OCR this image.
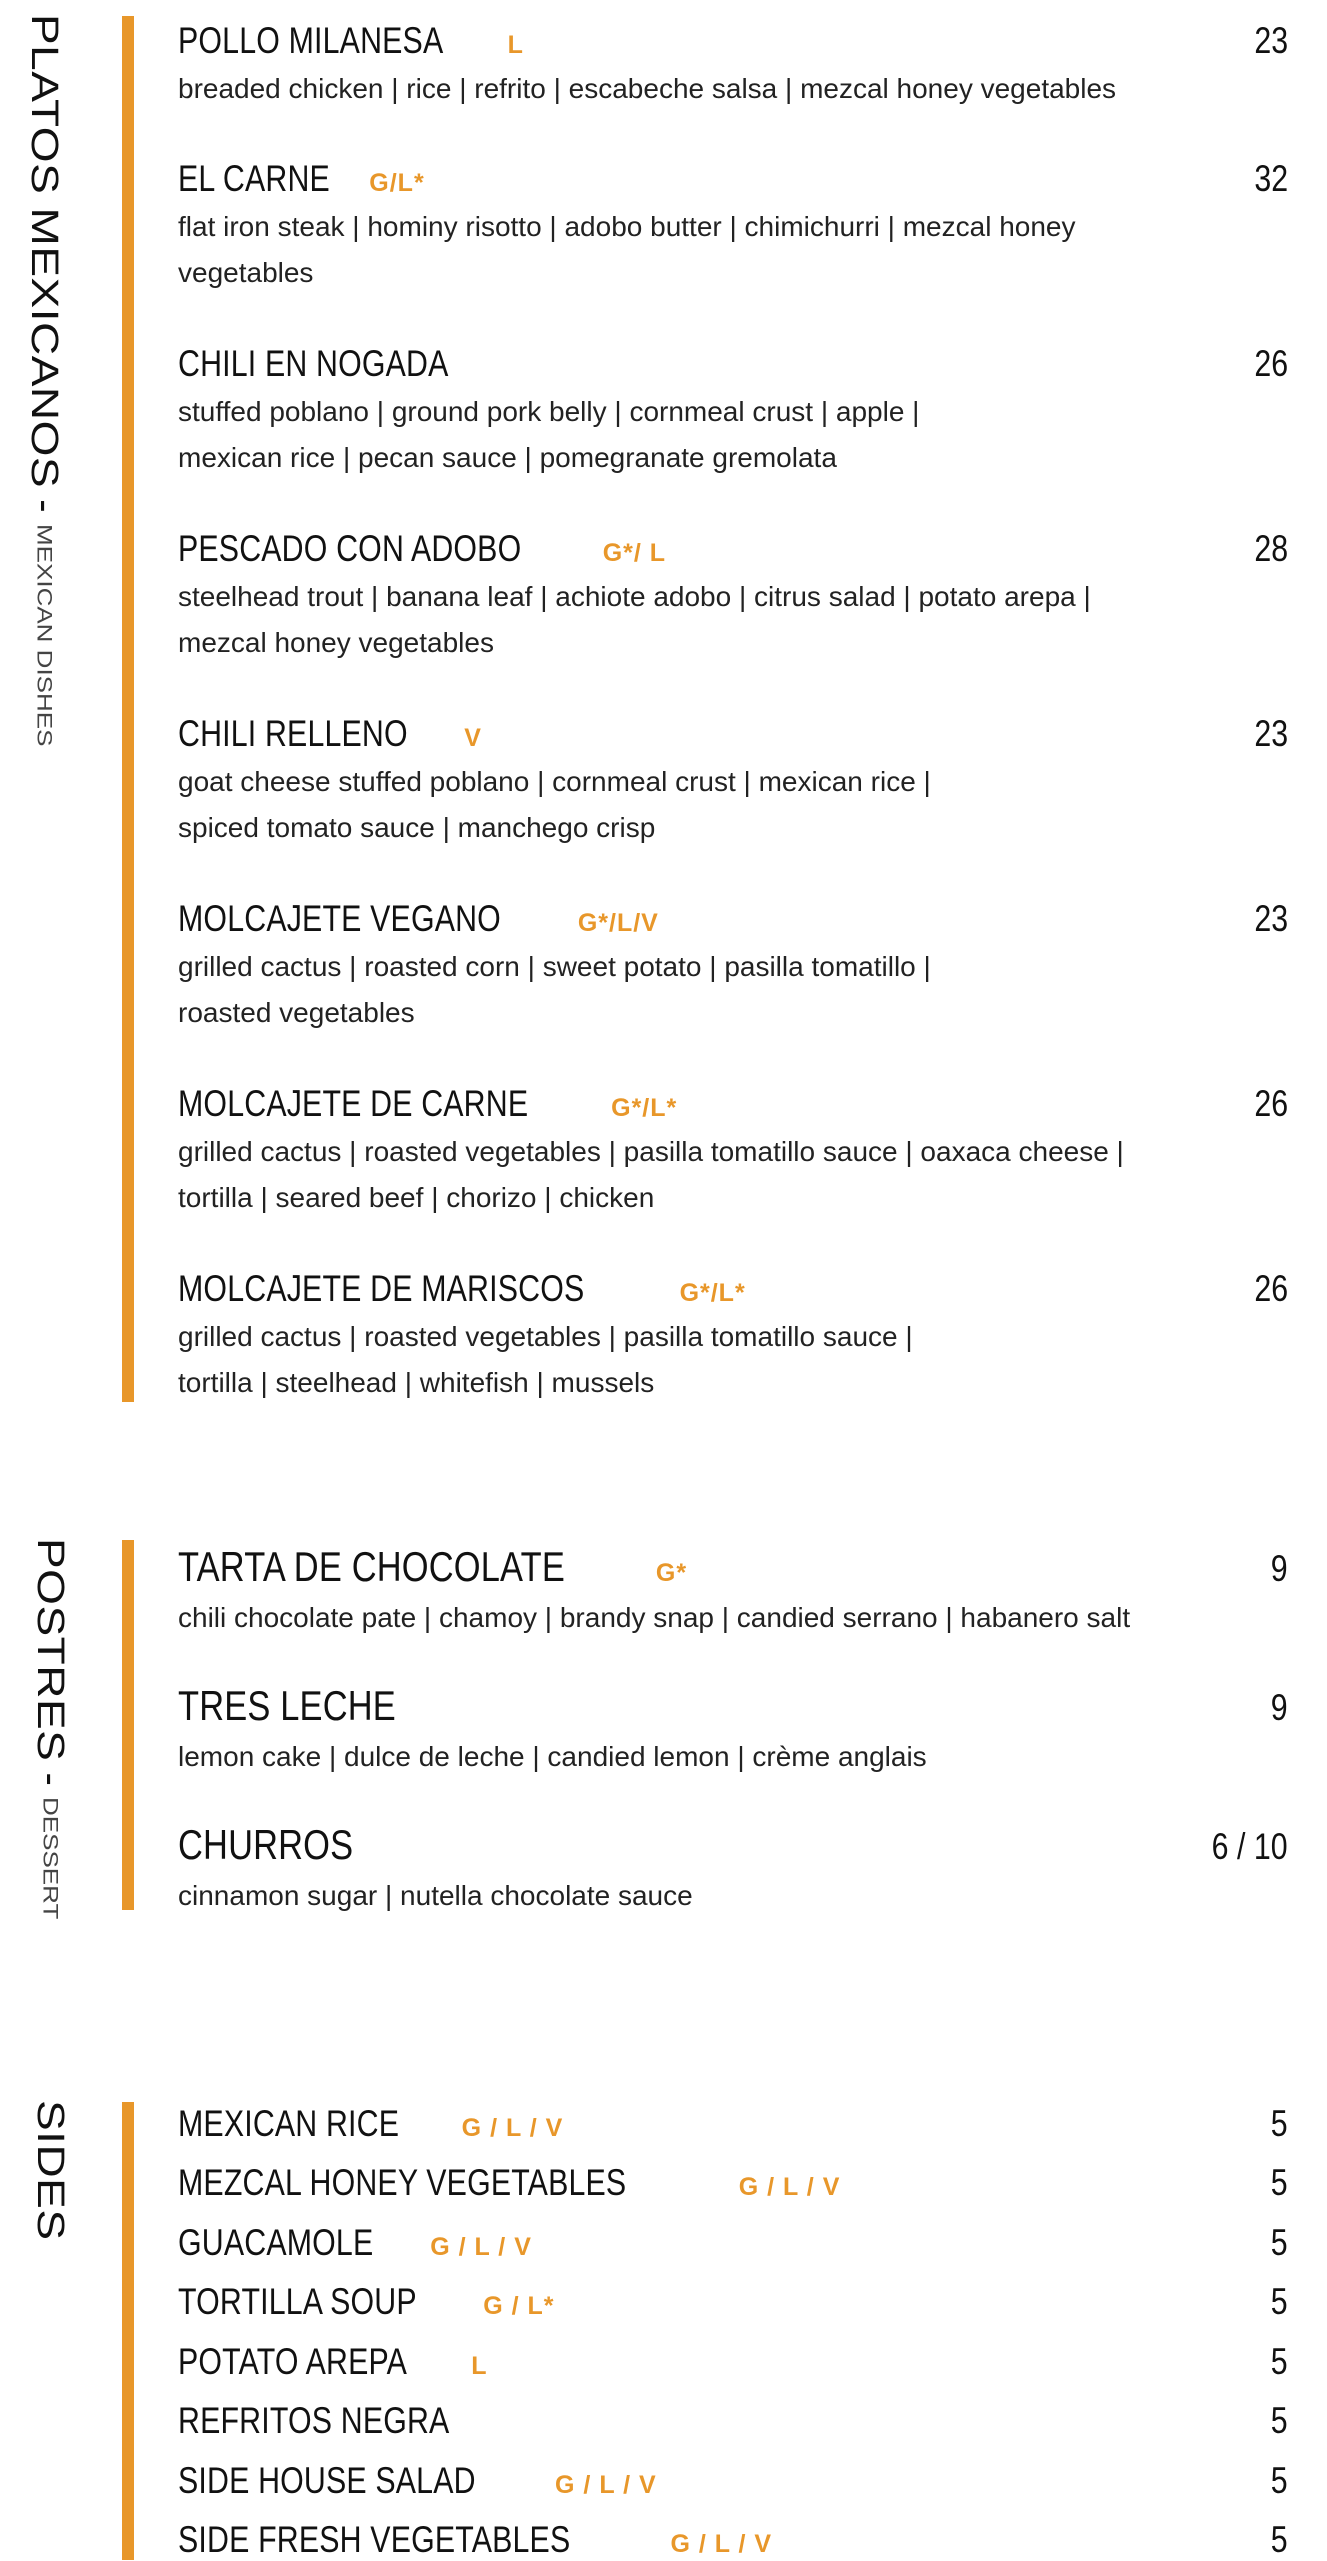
PLATOS MEXICANOS - MEXICAN DISHES
POLLO MILANESA	L	23
breaded chicken | rice | refrito | escabeche salsa | mezcal honey vegetables
EL CARNE G/L*	32
flat iron steak | hominy risotto | adobo butter | chimichurri | mezcal honey
vegetables
CHILI EN NOGADA	26
stuffed poblano | ground pork belly | cornmeal crust | apple |
mexican rice | pecan sauce | pomegranate gremolata
PESCADO CON ADOBO	G*/ L	28
steelhead trout | banana leaf | achiote adobo | citrus salad | potato arepa |
mezcal honey vegetables
CHILI RELLENO V	23
goat cheese stuffed poblano | cornmeal crust | mexican rice |
spiced tomato sauce | manchego crisp
MOLCAJETE VEGANO	G*/L/V	23
grilled cactus | roasted corn | sweet potato | pasilla tomatillo |
roasted vegetables
MOLCAJETE DE CARNE	G*/L*	26
grilled cactus | roasted vegetables | pasilla tomatillo sauce | oaxaca cheese |
tortilla | seared beef | chorizo | chicken
MOLCAJETE DE MARISCOS	G*/L*	26
grilled cactus | roasted vegetables | pasilla tomatillo sauce |
tortilla | steelhead | whitefish | mussels
POSTRES - DESSERT
TARTA DE CHOCOLATE	G*	9
chili chocolate pate | chamoy | brandy snap | candied serrano | habanero salt
TRES LECHE	9
lemon cake | dulce de leche | candied lemon | crème anglais
CHURROS	6 / 10
cinnamon sugar | nutella chocolate sauce
SIDES	MEXICAN RICE	G / L / V	5
MEZCAL HONEY VEGETABLES	G / L / V	5
GUACAMOLE G / L / V	5
TORTILLA SOUP	G / L*	5
POTATO AREPA	L	5
REFRITOS NEGRA	5
SIDE HOUSE SALAD	G / L / V	5
SIDE FRESH VEGETABLES	G / L / V	5
